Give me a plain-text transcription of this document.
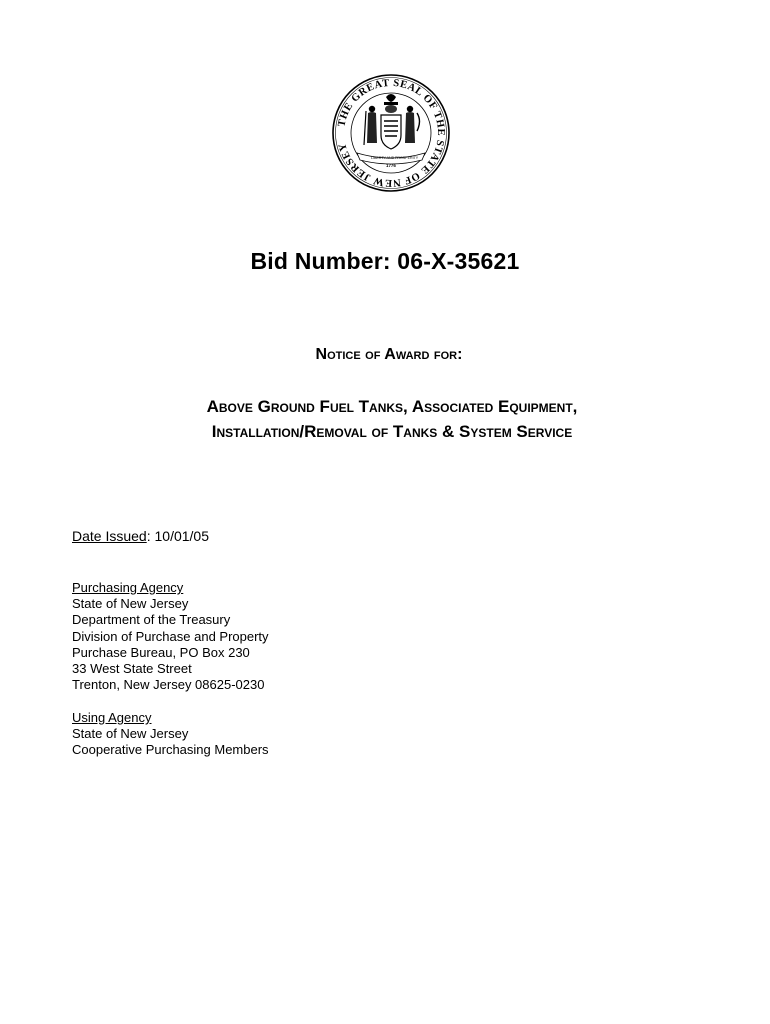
THE GREAT SEAL OF THE STATE OF NEW JERSEY
LIBERTY AND PROSPERITY
1776
Bid Number: 06-X-35621
Notice of Award for:
Above Ground Fuel Tanks, Associated Equipment,
Installation/Removal of Tanks & System Service
Date Issued: 10/01/05
Purchasing Agency
State of New Jersey
Department of the Treasury
Division of Purchase and Property
Purchase Bureau, PO Box 230
33 West State Street
Trenton, New Jersey 08625-0230
Using Agency
State of New Jersey
Cooperative Purchasing Members
